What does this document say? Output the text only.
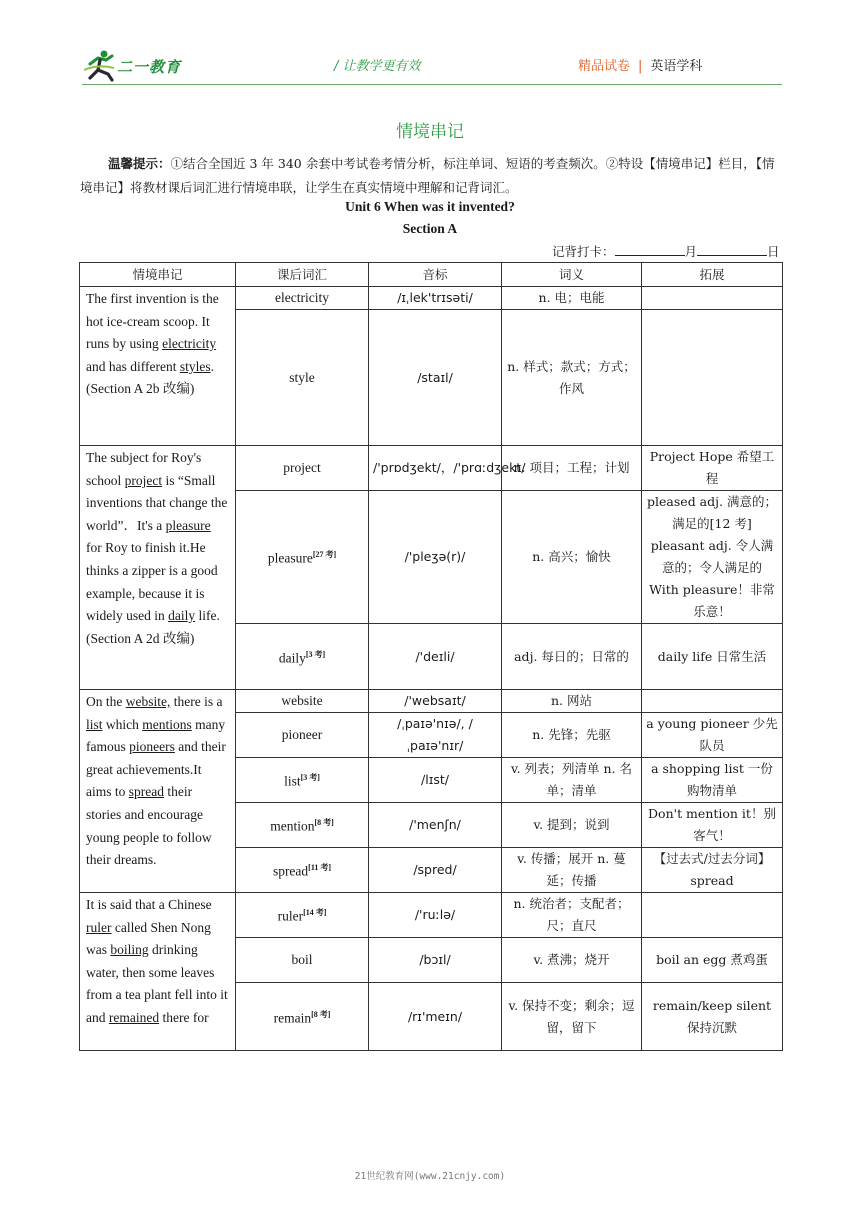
二一教育	/ 让教学更有效	精品试卷 | 英语学科
情境串记
温馨提示：①结合全国近 3 年 340 余套中考试卷考情分析，标注单词、短语的考查频次。②特设【情境串记】栏目，【情境串记】将教材课后词汇进行情境串联，让学生在真实情境中理解和记背词汇。
Unit 6 When was it invented?
Section A
记背打卡：	月	日
情境串记	课后词汇	音标	词义	拓展
The first invention is the hot ice-cream scoop. It runs by using electricity and has different styles.(Section A 2b 改编)	electricity	/ɪˌlek'trɪsəti/	n. 电；电能	
	style	/staɪl/	n. 样式；款式；方式；作风	
The subject for Roy's school project is “Small inventions that change the world”．It's a pleasure for Roy to finish it.He thinks a zipper is a good example, because it is widely used in daily life.(Section A 2d 改编)	project	/'prɒdʒekt/，/'prɑːdʒekt/	n. 项目；工程；计划	Project Hope 希望工程
	pleasure[27 考]	/'pleʒə(r)/	n. 高兴；愉快	pleased adj. 满意的；满足的[12 考] pleasant adj. 令人满意的；令人满足的 With pleasure！非常乐意！
	daily[3 考]	/'deɪli/	adj. 每日的；日常的	daily life 日常生活
On the website, there is a list which mentions many famous pioneers and their great achievements.It aims to spread their stories and encourage young people to follow their dreams.	website	/'websaɪt/	n. 网站	
	pioneer	/ˌpaɪə'nɪə/, /ˌpaɪə'nɪr/	n. 先锋；先驱	a young pioneer 少先队员
	list[3 考]	/lɪst/	v. 列表；列清单 n. 名单；清单	a shopping list 一份购物清单
	mention[8 考]	/'menʃn/	v. 提到；说到	Don't mention it！别客气！
	spread[11 考]	/spred/	v. 传播；展开 n. 蔓延；传播	【过去式/过去分词】spread
It is said that a Chinese ruler called Shen Nong was boiling drinking water, then some leaves from a tea plant fell into it and remained there for	ruler[14 考]	/'ruːlə/	n. 统治者；支配者；尺；直尺	
	boil	/bɔɪl/	v. 煮沸；烧开	boil an egg 煮鸡蛋
	remain[8 考]	/rɪ'meɪn/	v. 保持不变；剩余；逗留，留下	remain/keep silent 保持沉默
21世纪教育网(www.21cnjy.com)
